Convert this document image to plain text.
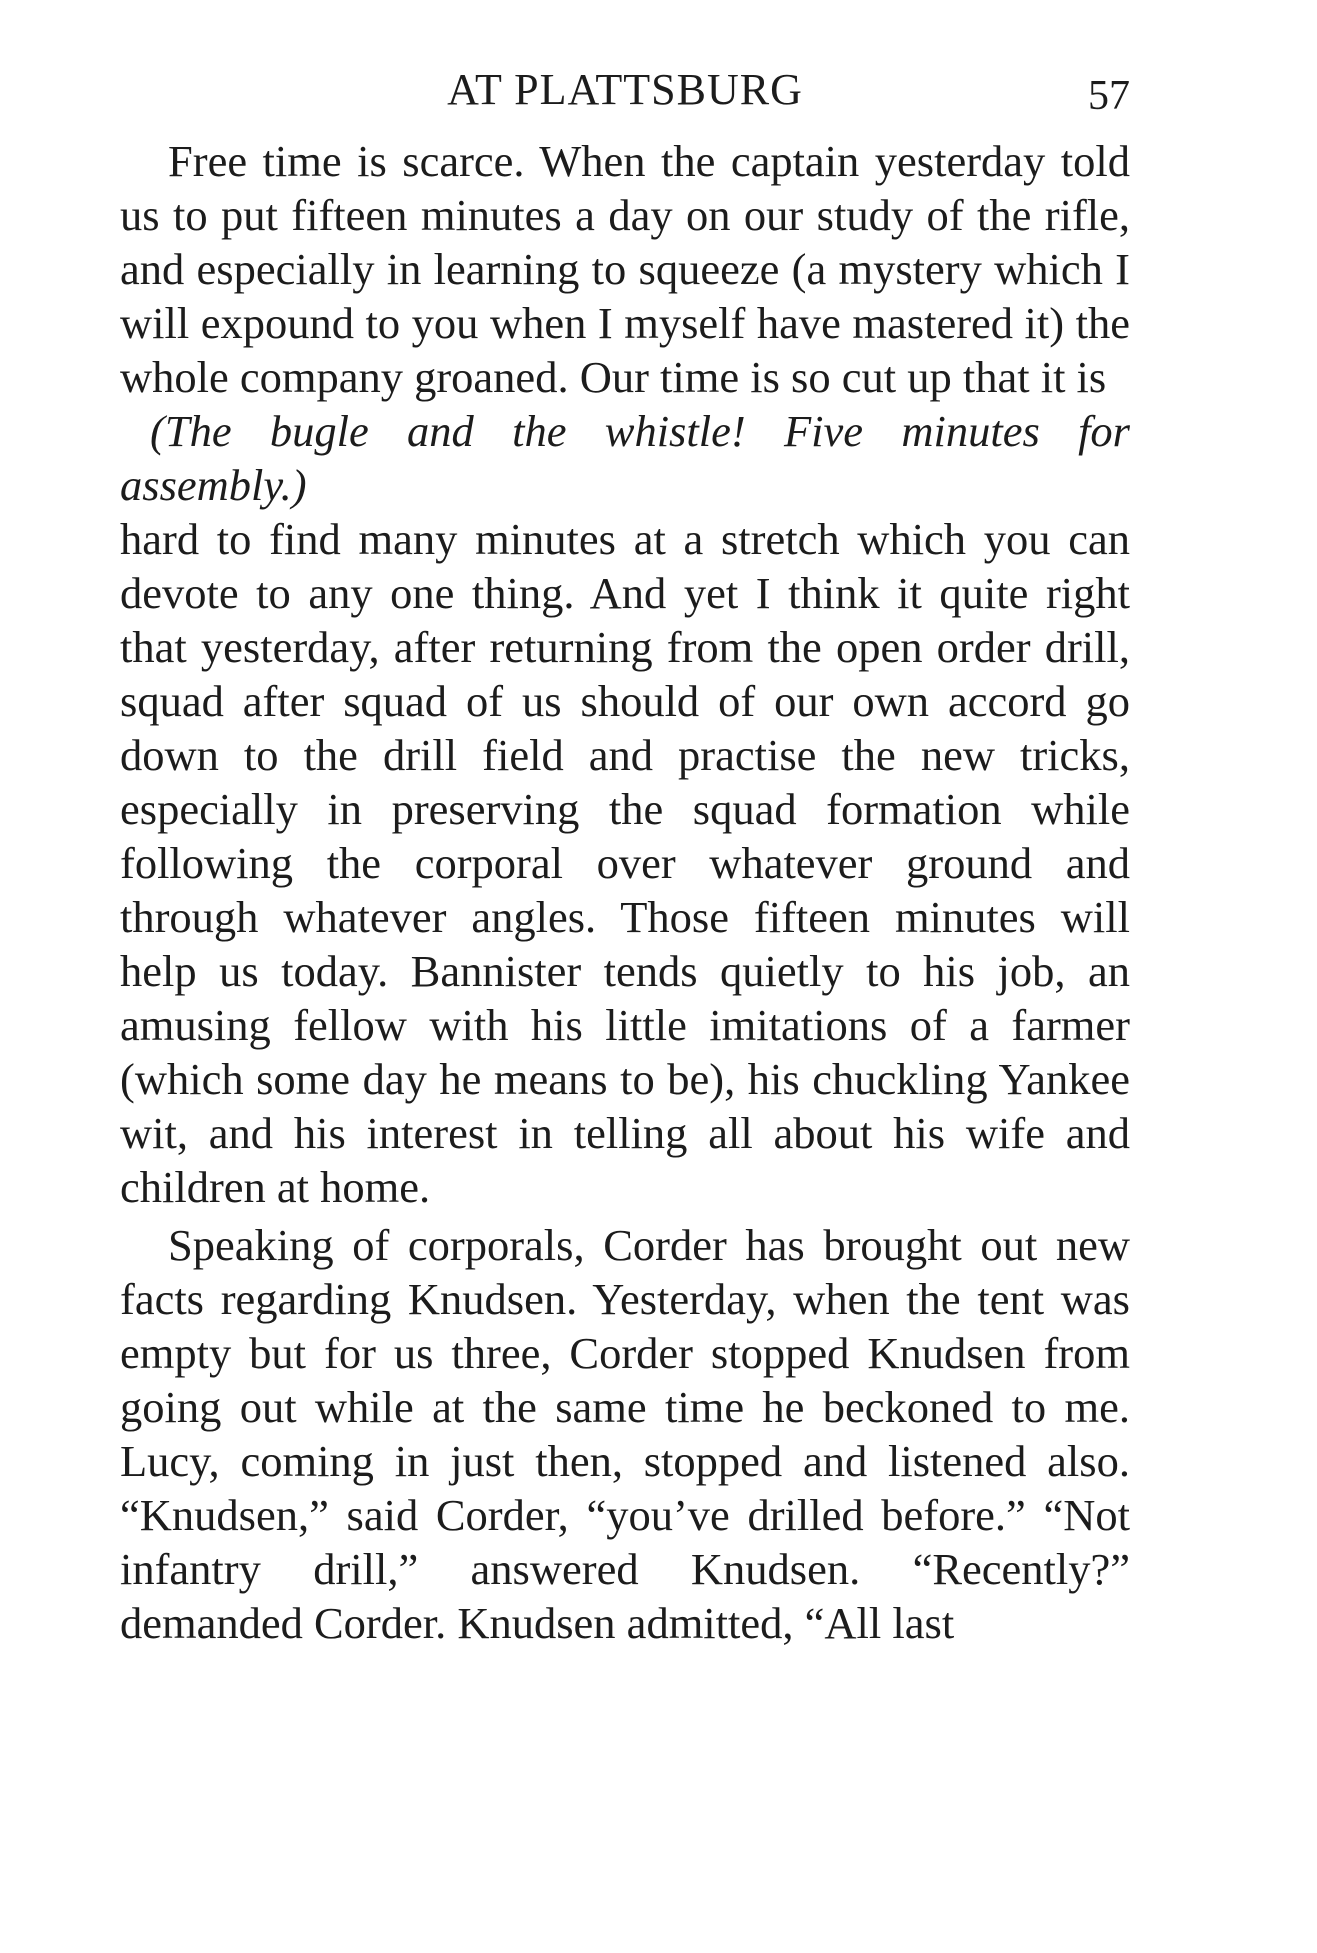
AT PLATTSBURG	57

Free time is scarce. When the captain yesterday told us to put fifteen minutes a day on our study of the rifle, and especially in learning to squeeze (a mystery which I will expound to you when I myself have mastered it) the whole company groaned. Our time is so cut up that it is

(The bugle and the whistle! Five minutes for

assembly.)

hard to find many minutes at a stretch which you can devote to any one thing. And yet I think it quite right that yesterday, after returning from the open order drill, squad after squad of us should of our own accord go down to the drill field and practise the new tricks, especially in preserving the squad formation while following the corporal over whatever ground and through whatever angles. Those fifteen minutes will help us today. Bannister tends quietly to his job, an amusing fellow with his little imitations of a farmer (which some day he means to be), his chuckling Yankee wit, and his interest in telling all about his wife and children at home.

Speaking of corporals, Corder has brought out new facts regarding Knudsen. Yesterday, when the tent was empty but for us three, Corder stopped Knudsen from going out while at the same time he beckoned to me. Lucy, coming in just then, stopped and listened also. “Knudsen,” said Corder, “you’ve drilled before.” “Not infantry drill,” answered Knudsen. “Recently?” demanded Corder. Knudsen admitted, “All last
